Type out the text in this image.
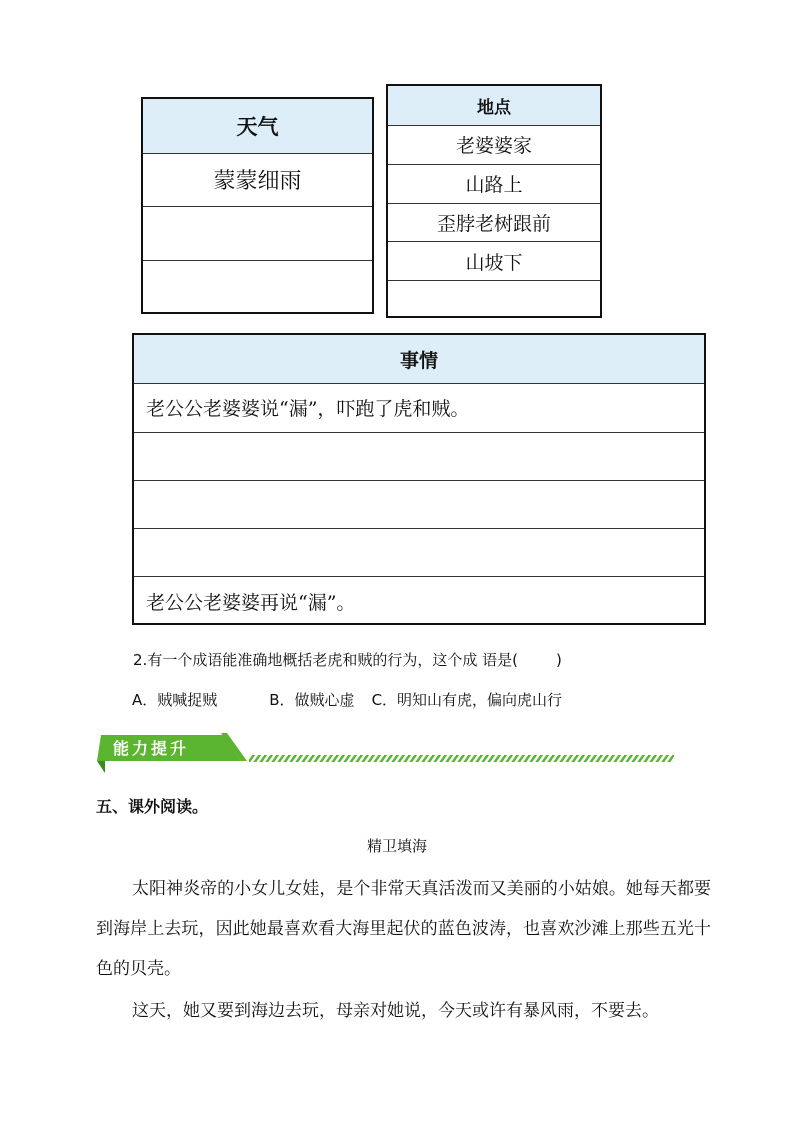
天气
蒙蒙细雨
地点
老婆婆家
山路上
歪脖老树跟前
山坡下
事情
老公公老婆婆说“漏”，吓跑了虎和贼。
老公公老婆婆再说“漏”。
2.有一个成语能准确地概括老虎和贼的行为，这个成 语是(	)
A．贼喊捉贼	B．做贼心虚 C．明知山有虎，偏向虎山行
能力提升
五、课外阅读。
精卫填海
太阳神炎帝的小女儿女娃，是个非常天真活泼而又美丽的小姑娘。她每天都要到海岸上去玩，因此她最喜欢看大海里起伏的蓝色波涛，也喜欢沙滩上那些五光十色的贝壳。
这天，她又要到海边去玩，母亲对她说，今天或许有暴风雨，不要去。
